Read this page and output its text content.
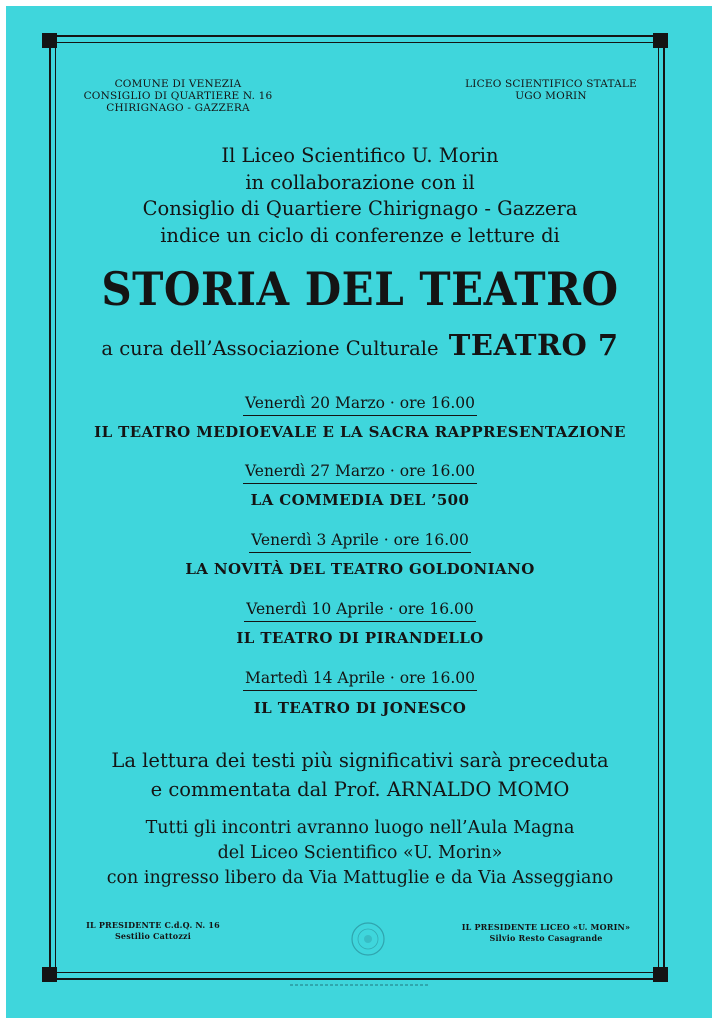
COMUNE DI VENEZIA
CONSIGLIO DI QUARTIERE N. 16
CHIRIGNAGO - GAZZERA
LICEO SCIENTIFICO STATALE
UGO MORIN
Il Liceo Scientifico U. Morin
in collaborazione con il
Consiglio di Quartiere Chirignago - Gazzera
indice un ciclo di conferenze e letture di
STORIA DEL TEATRO
a cura dell’Associazione Culturale TEATRO 7
Venerdì 20 Marzo · ore 16.00
IL TEATRO MEDIOEVALE E LA SACRA RAPPRESENTAZIONE
Venerdì 27 Marzo · ore 16.00
LA COMMEDIA DEL ’500
Venerdì 3 Aprile · ore 16.00
LA NOVITÀ DEL TEATRO GOLDONIANO
Venerdì 10 Aprile · ore 16.00
IL TEATRO DI PIRANDELLO
Martedì 14 Aprile · ore 16.00
IL TEATRO DI JONESCO
La lettura dei testi più significativi sarà preceduta
e commentata dal Prof. ARNALDO MOMO
Tutti gli incontri avranno luogo nell’Aula Magna
del Liceo Scientifico «U. Morin»
con ingresso libero da Via Mattuglie e da Via Asseggiano
IL PRESIDENTE C.d.Q. N. 16
Sestilio Cattozzi
IL PRESIDENTE LICEO «U. MORIN»
Silvio Resto Casagrande
